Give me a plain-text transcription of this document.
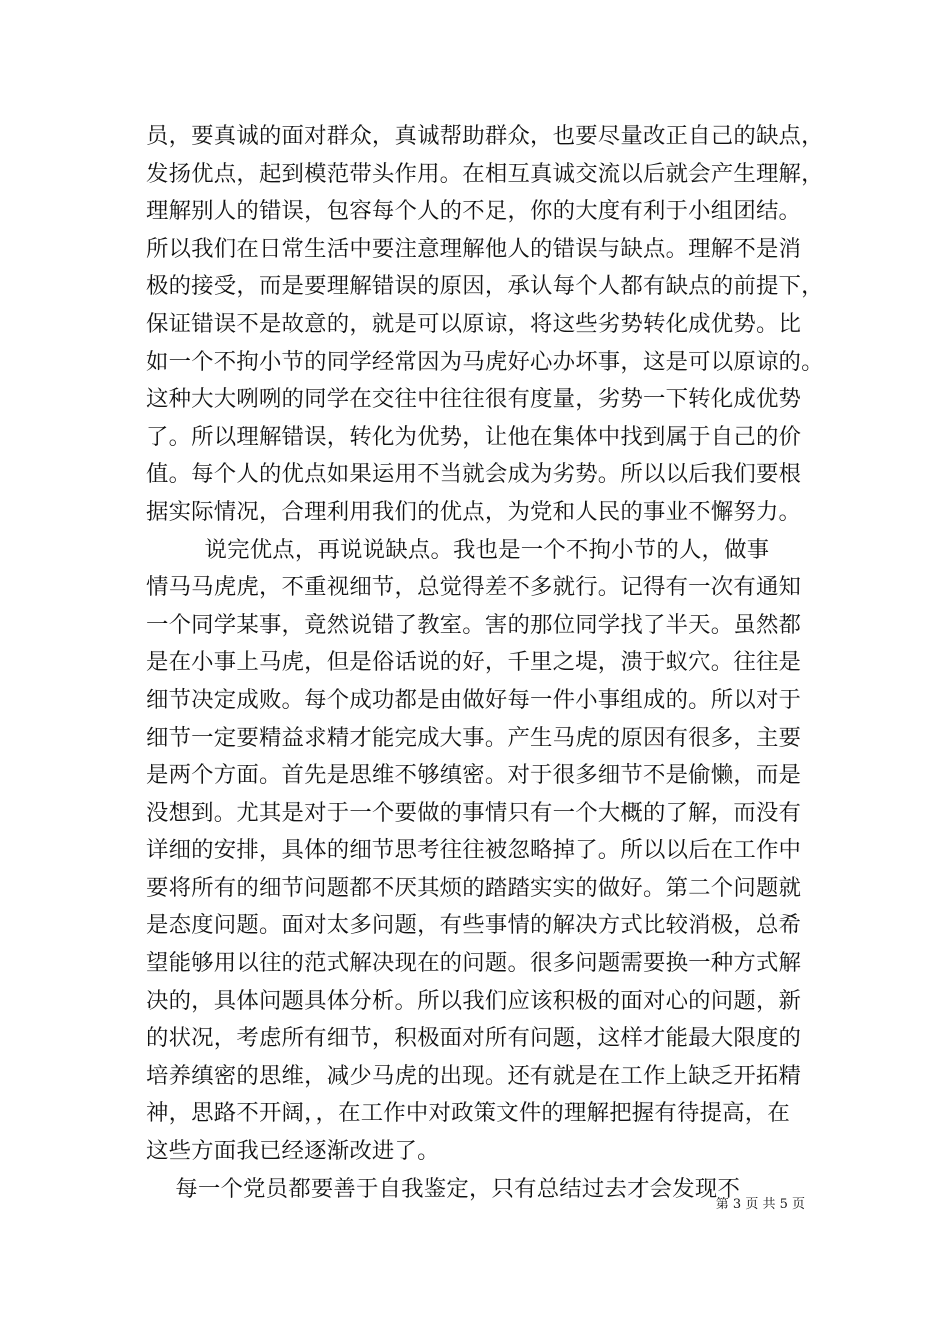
员，要真诚的面对群众，真诚帮助群众，也要尽量改正自己的缺点，
发扬优点，起到模范带头作用。在相互真诚交流以后就会产生理解，
理解别人的错误，包容每个人的不足，你的大度有利于小组团结。
所以我们在日常生活中要注意理解他人的错误与缺点。理解不是消
极的接受，而是要理解错误的原因，承认每个人都有缺点的前提下，
保证错误不是故意的，就是可以原谅，将这些劣势转化成优势。比
如一个不拘小节的同学经常因为马虎好心办坏事，这是可以原谅的。
这种大大咧咧的同学在交往中往往很有度量，劣势一下转化成优势
了。所以理解错误，转化为优势，让他在集体中找到属于自己的价
值。每个人的优点如果运用不当就会成为劣势。所以以后我们要根
据实际情况，合理利用我们的优点，为党和人民的事业不懈努力。
说完优点，再说说缺点。我也是一个不拘小节的人，做事
情马马虎虎，不重视细节，总觉得差不多就行。记得有一次有通知
一个同学某事，竟然说错了教室。害的那位同学找了半天。虽然都
是在小事上马虎，但是俗话说的好，千里之堤，溃于蚁穴。往往是
细节决定成败。每个成功都是由做好每一件小事组成的。所以对于
细节一定要精益求精才能完成大事。产生马虎的原因有很多，主要
是两个方面。首先是思维不够缜密。对于很多细节不是偷懒，而是
没想到。尤其是对于一个要做的事情只有一个大概的了解，而没有
详细的安排，具体的细节思考往往被忽略掉了。所以以后在工作中
要将所有的细节问题都不厌其烦的踏踏实实的做好。第二个问题就
是态度问题。面对太多问题，有些事情的解决方式比较消极，总希
望能够用以往的范式解决现在的问题。很多问题需要换一种方式解
决的，具体问题具体分析。所以我们应该积极的面对心的问题，新
的状况，考虑所有细节，积极面对所有问题，这样才能最大限度的
培养缜密的思维，减少马虎的出现。还有就是在工作上缺乏开拓精
神，思路不开阔，，在工作中对政策文件的理解把握有待提高，在
这些方面我已经逐渐改进了。
每一个党员都要善于自我鉴定，只有总结过去才会发现不
第 3 页 共 5 页
